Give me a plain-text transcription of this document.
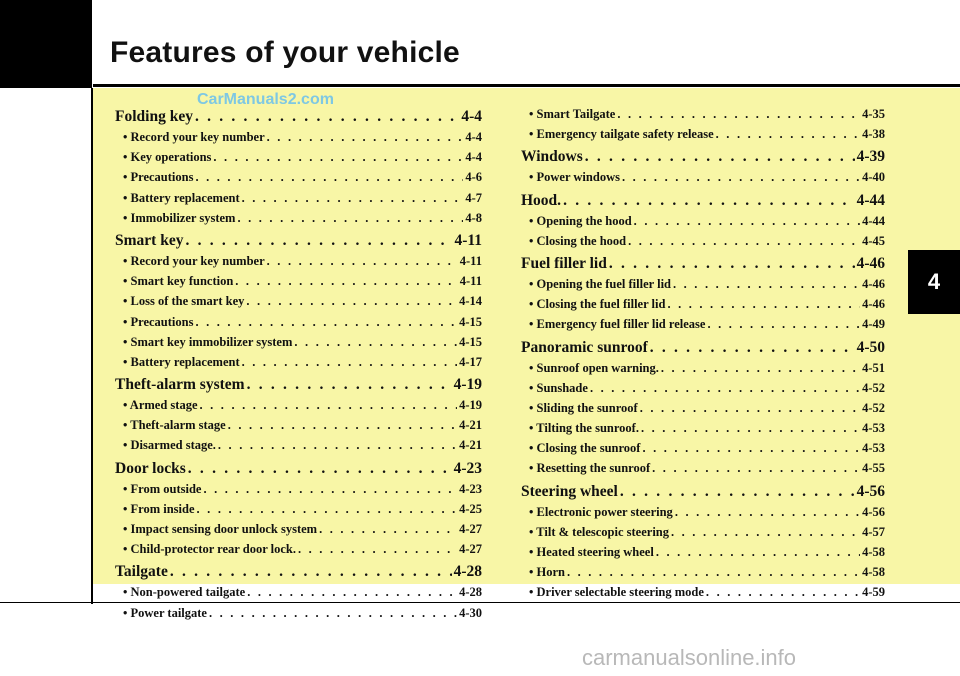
Features of your vehicle
CarManuals2.com
Folding key . . .	4-4
• Record your key number . . .	4-4
• Key operations . . .	4-4
• Precautions . . .	4-6
• Battery replacement . . .	4-7
• Immobilizer system . . .	4-8
Smart key . . .	4-11
• Record your key number . . .	4-11
• Smart key function . . .	4-11
• Loss of the smart key . . .	4-14
• Precautions . . .	4-15
• Smart key immobilizer system . . .	4-15
• Battery replacement . . .	4-17
Theft-alarm system . . .	4-19
• Armed stage . . .	4-19
• Theft-alarm stage . . .	4-21
• Disarmed stage. . . .	4-21
Door locks . . .	4-23
• From outside . . .	4-23
• From inside . . .	4-25
• Impact sensing door unlock system . . .	4-27
• Child-protector rear door lock. . . .	4-27
Tailgate . . .	4-28
• Non-powered tailgate . . .	4-28
• Power tailgate . . .	4-30
• Smart Tailgate . . .	4-35
• Emergency tailgate safety release . . .	4-38
Windows . . .	4-39
• Power windows . . .	4-40
Hood. . . .	4-44
• Opening the hood . . .	4-44
• Closing the hood . . .	4-45
Fuel filler lid . . .	4-46
• Opening the fuel filler lid . . .	4-46
• Closing the fuel filler lid . . .	4-46
• Emergency fuel filler lid release . . .	4-49
Panoramic sunroof . . .	4-50
• Sunroof open warning. . . .	4-51
• Sunshade . . .	4-52
• Sliding the sunroof . . .	4-52
• Tilting the sunroof. . . .	4-53
• Closing the sunroof . . .	4-53
• Resetting the sunroof . . .	4-55
Steering wheel . . .	4-56
• Electronic power steering . . .	4-56
• Tilt & telescopic steering . . .	4-57
• Heated steering wheel . . .	4-58
• Horn . . .	4-58
• Driver selectable steering mode . . .	4-59
4
carmanualsonline.info
